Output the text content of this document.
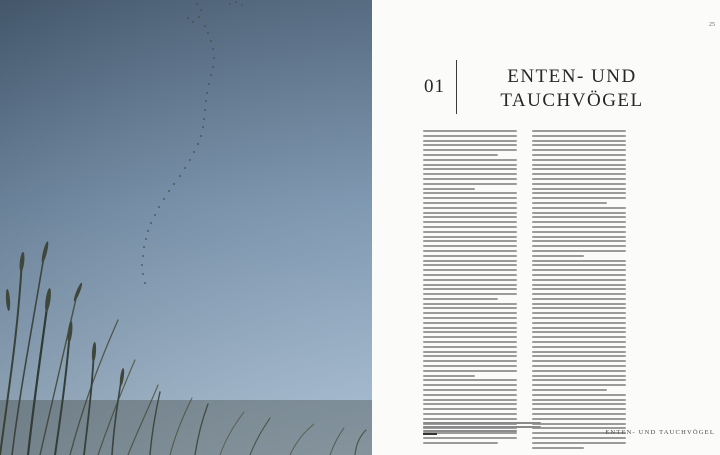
25
01	ENTEN- UND
TAUCHVÖGEL
ENTEN- UND TAUCHVÖGEL
